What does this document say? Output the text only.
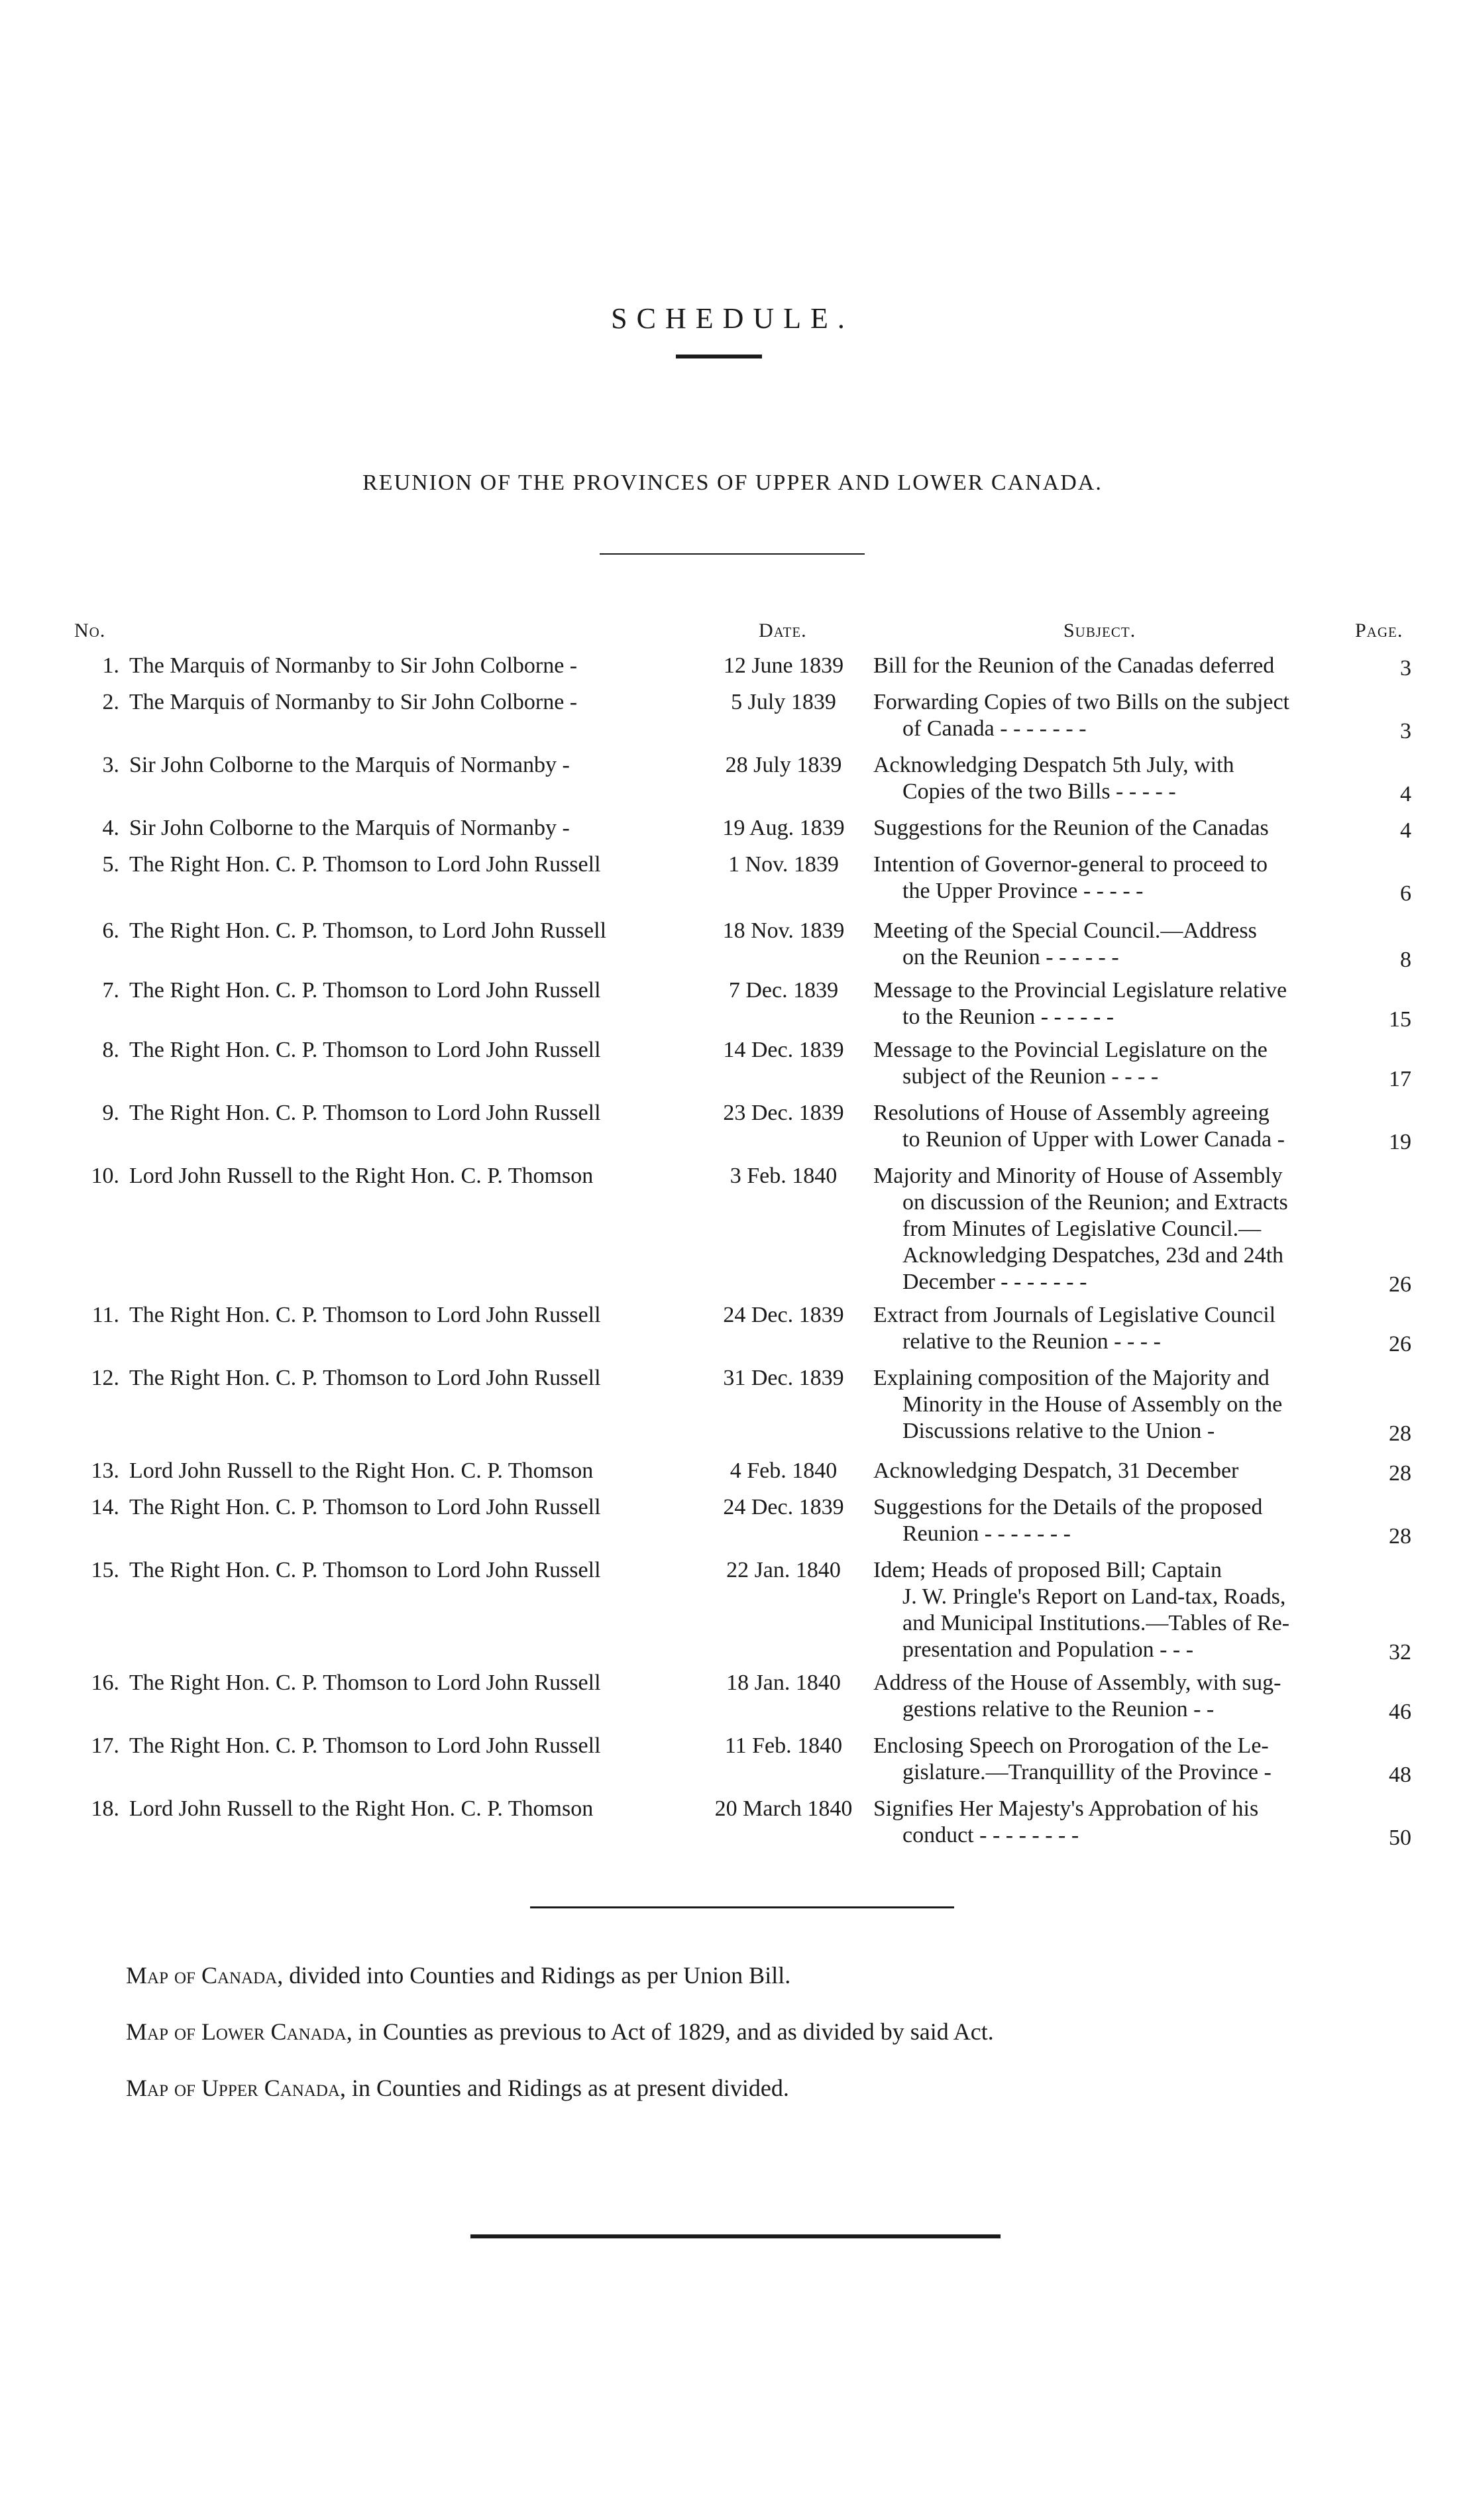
SCHEDULE.
REUNION OF THE PROVINCES OF UPPER AND LOWER CANADA.
No.	Date.	Subject.	Page.
1. The Marquis of Normanby to Sir John Colborne -	12 June 1839	Bill for the Reunion of the Canadas deferred	3
2. The Marquis of Normanby to Sir John Colborne -	5 July 1839	Forwarding Copies of two Bills on the subject
of Canada - - - - - - -	3
3. Sir John Colborne to the Marquis of Normanby -	28 July 1839	Acknowledging Despatch 5th July, with
Copies of the two Bills - - - - -	4
4. Sir John Colborne to the Marquis of Normanby -	19 Aug. 1839	Suggestions for the Reunion of the Canadas	4
5. The Right Hon. C. P. Thomson to Lord John Russell	1 Nov. 1839	Intention of Governor-general to proceed to
the Upper Province - - - - -	6
6. The Right Hon. C. P. Thomson, to Lord John Russell	18 Nov. 1839	Meeting of the Special Council.—Address
on the Reunion - - - - - -	8
7. The Right Hon. C. P. Thomson to Lord John Russell	7 Dec. 1839	Message to the Provincial Legislature relative
to the Reunion - - - - - -	15
8. The Right Hon. C. P. Thomson to Lord John Russell	14 Dec. 1839	Message to the Povincial Legislature on the
subject of the Reunion - - - -	17
9. The Right Hon. C. P. Thomson to Lord John Russell	23 Dec. 1839	Resolutions of House of Assembly agreeing
to Reunion of Upper with Lower Canada -	19
10. Lord John Russell to the Right Hon. C. P. Thomson	3 Feb. 1840	Majority and Minority of House of Assembly
on discussion of the Reunion; and Extracts
from Minutes of Legislative Council.—
Acknowledging Despatches, 23d and 24th
December - - - - - - -	26
11. The Right Hon. C. P. Thomson to Lord John Russell	24 Dec. 1839	Extract from Journals of Legislative Council
relative to the Reunion - - - -	26
12. The Right Hon. C. P. Thomson to Lord John Russell	31 Dec. 1839	Explaining composition of the Majority and
Minority in the House of Assembly on the
Discussions relative to the Union -	28
13. Lord John Russell to the Right Hon. C. P. Thomson	4 Feb. 1840	Acknowledging Despatch, 31 December	28
14. The Right Hon. C. P. Thomson to Lord John Russell	24 Dec. 1839	Suggestions for the Details of the proposed
Reunion - - - - - - -	28
15. The Right Hon. C. P. Thomson to Lord John Russell	22 Jan. 1840	Idem; Heads of proposed Bill; Captain
J. W. Pringle's Report on Land-tax, Roads,
and Municipal Institutions.—Tables of Re-
presentation and Population - - -	32
16. The Right Hon. C. P. Thomson to Lord John Russell	18 Jan. 1840	Address of the House of Assembly, with sug-
gestions relative to the Reunion - -	46
17. The Right Hon. C. P. Thomson to Lord John Russell	11 Feb. 1840	Enclosing Speech on Prorogation of the Le-
gislature.—Tranquillity of the Province -	48
18. Lord John Russell to the Right Hon. C. P. Thomson	20 March 1840 Signifies Her Majesty's Approbation of his
conduct - - - - - - - -	50
Map of Canada, divided into Counties and Ridings as per Union Bill.
Map of Lower Canada, in Counties as previous to Act of 1829, and as divided by said Act.
Map of Upper Canada, in Counties and Ridings as at present divided.
